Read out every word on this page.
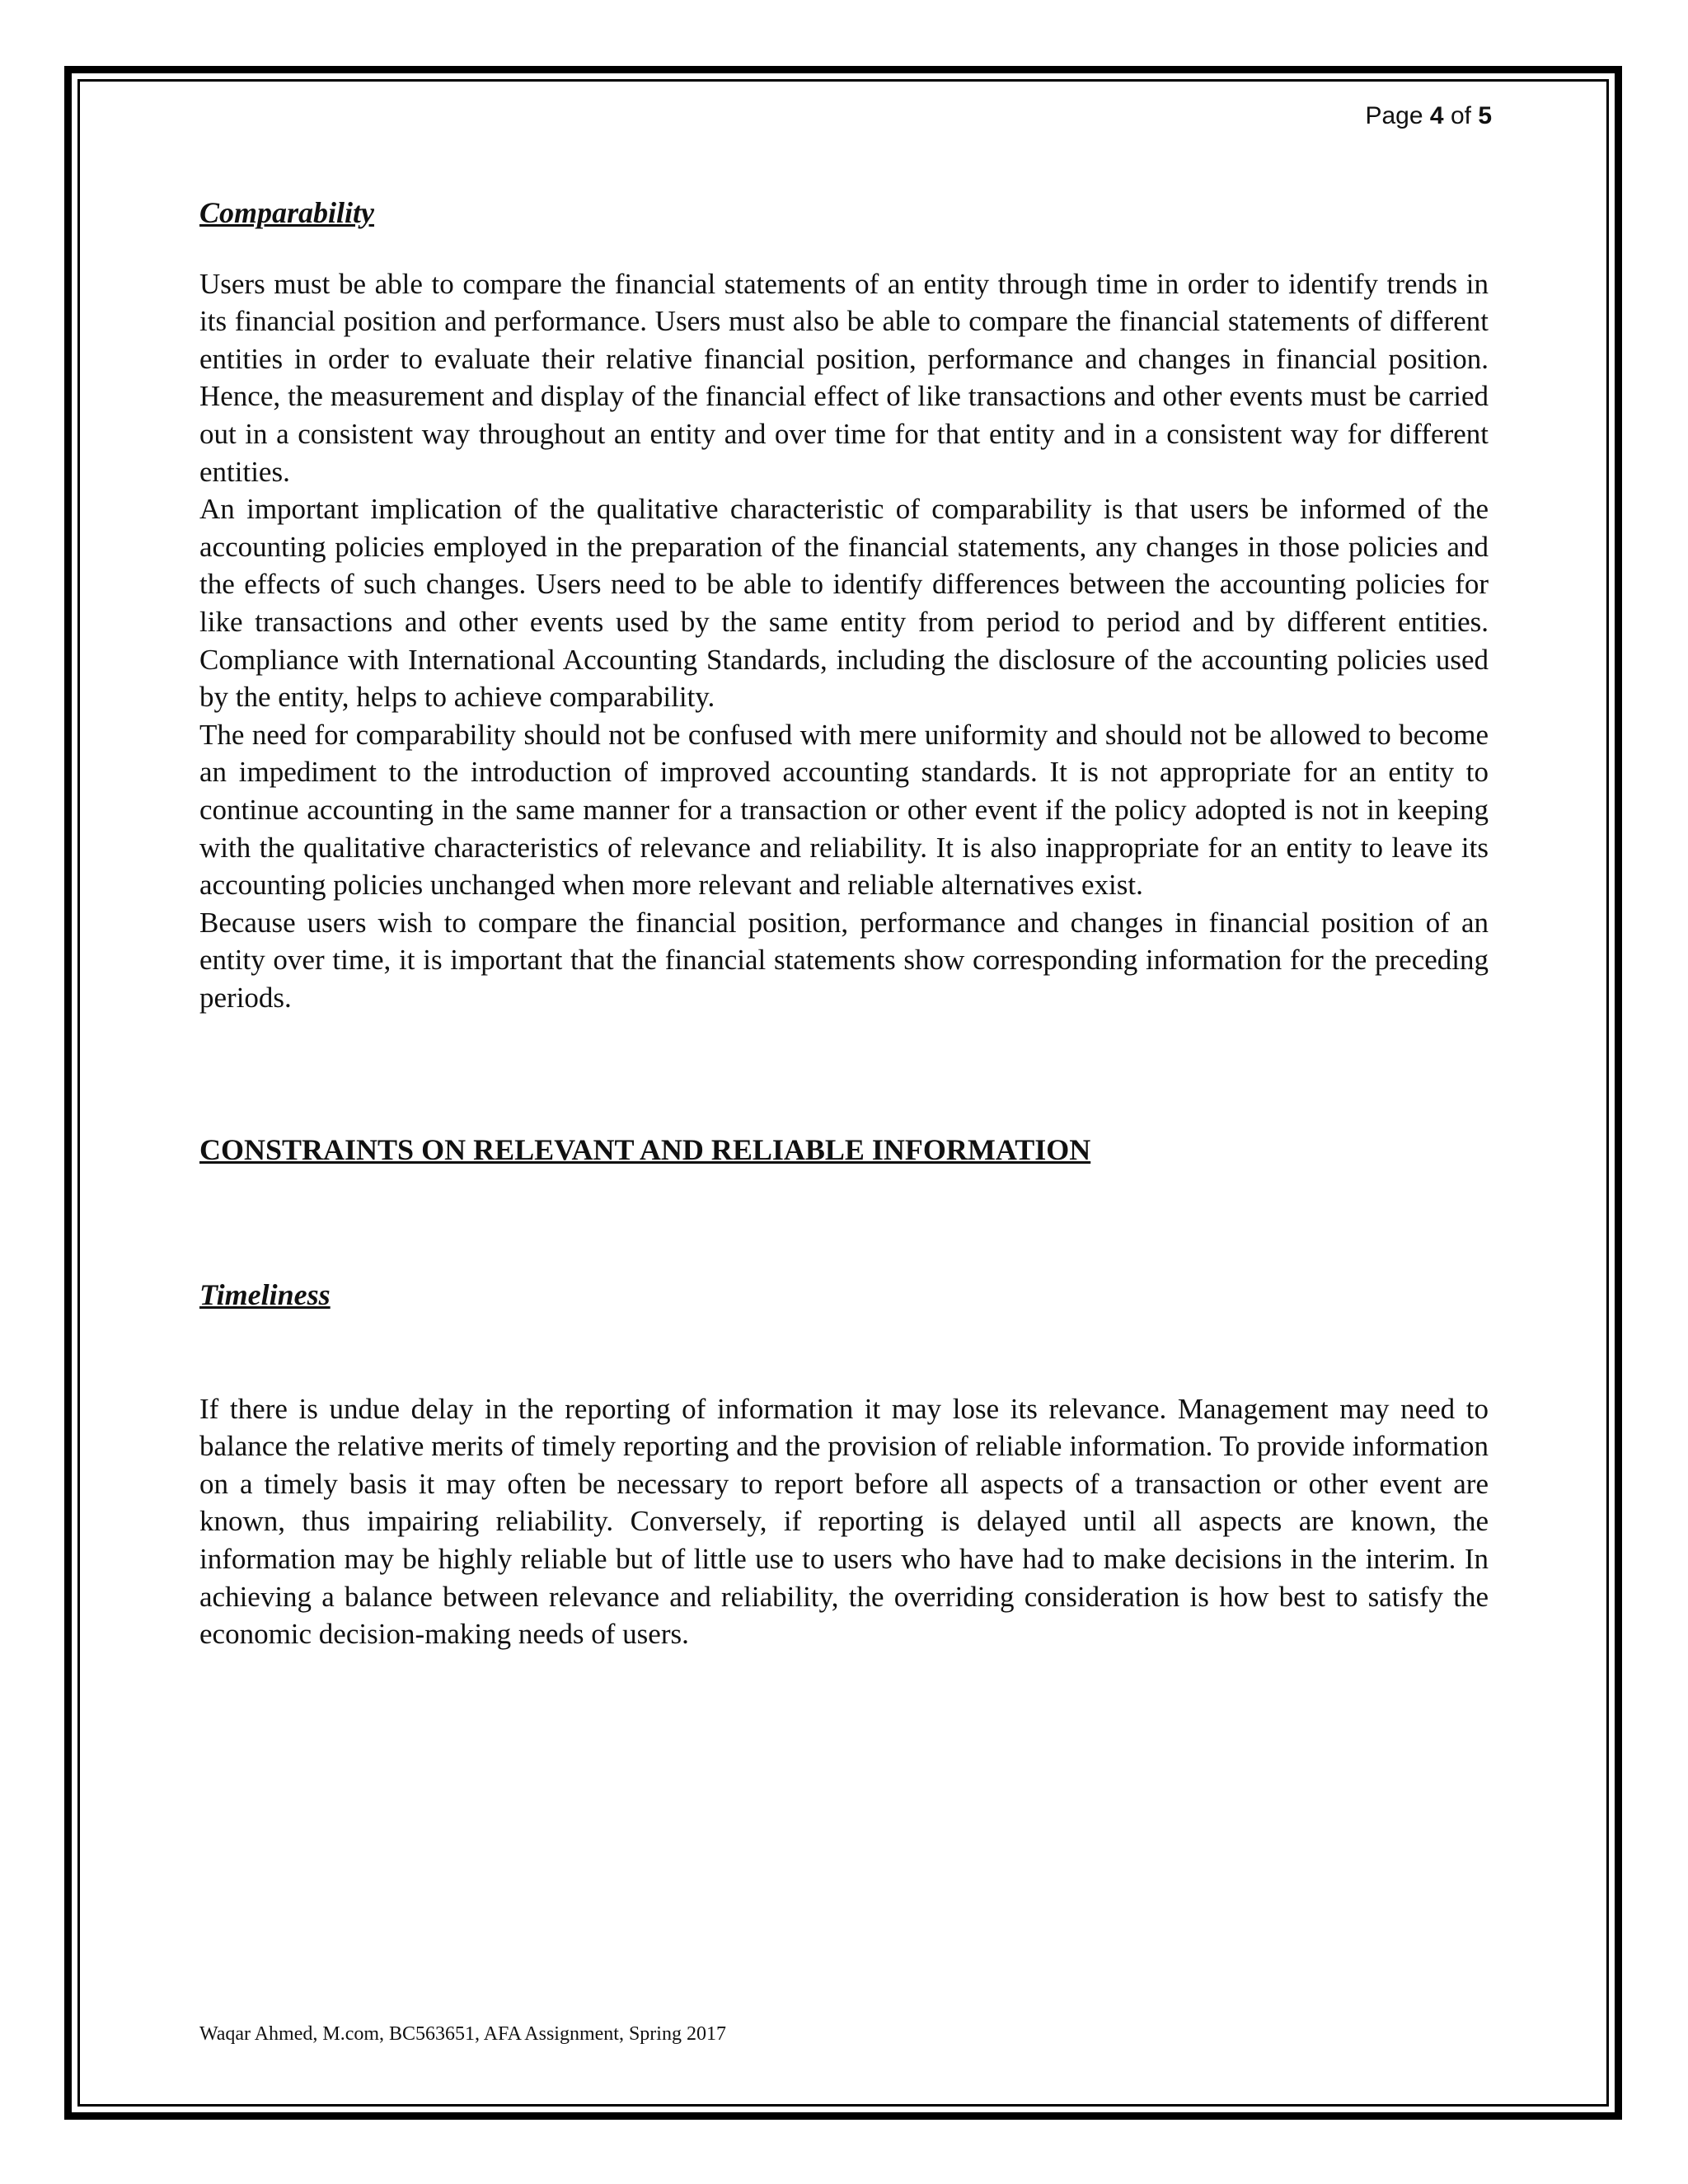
Page 4 of 5
Comparability

Users must be able to compare the financial statements of an entity through time in order to identify trends in its financial position and performance. Users must also be able to compare the financial statements of different entities in order to evaluate their relative financial position, performance and changes in financial position. Hence, the measurement and display of the financial effect of like transactions and other events must be carried out in a consistent way throughout an entity and over time for that entity and in a consistent way for different entities.

An important implication of the qualitative characteristic of comparability is that users be informed of the accounting policies employed in the preparation of the financial statements, any changes in those policies and the effects of such changes. Users need to be able to identify differences between the accounting policies for like transactions and other events used by the same entity from period to period and by different entities. Compliance with International Accounting Standards, including the disclosure of the accounting policies used by the entity, helps to achieve comparability.

The need for comparability should not be confused with mere uniformity and should not be allowed to become an impediment to the introduction of improved accounting standards. It is not appropriate for an entity to continue accounting in the same manner for a transaction or other event if the policy adopted is not in keeping with the qualitative characteristics of relevance and reliability. It is also inappropriate for an entity to leave its accounting policies unchanged when more relevant and reliable alternatives exist.

Because users wish to compare the financial position, performance and changes in financial position of an entity over time, it is important that the financial statements show corresponding information for the preceding periods.

CONSTRAINTS ON RELEVANT AND RELIABLE INFORMATION
Timeliness

If there is undue delay in the reporting of information it may lose its relevance. Management may need to balance the relative merits of timely reporting and the provision of reliable information. To provide information on a timely basis it may often be necessary to report before all aspects of a transaction or other event are known, thus impairing reliability. Conversely, if reporting is delayed until all aspects are known, the information may be highly reliable but of little use to users who have had to make decisions in the interim. In achieving a balance between relevance and reliability, the overriding consideration is how best to satisfy the economic decision-making needs of users.

Waqar Ahmed, M.com, BC563651, AFA Assignment, Spring 2017
